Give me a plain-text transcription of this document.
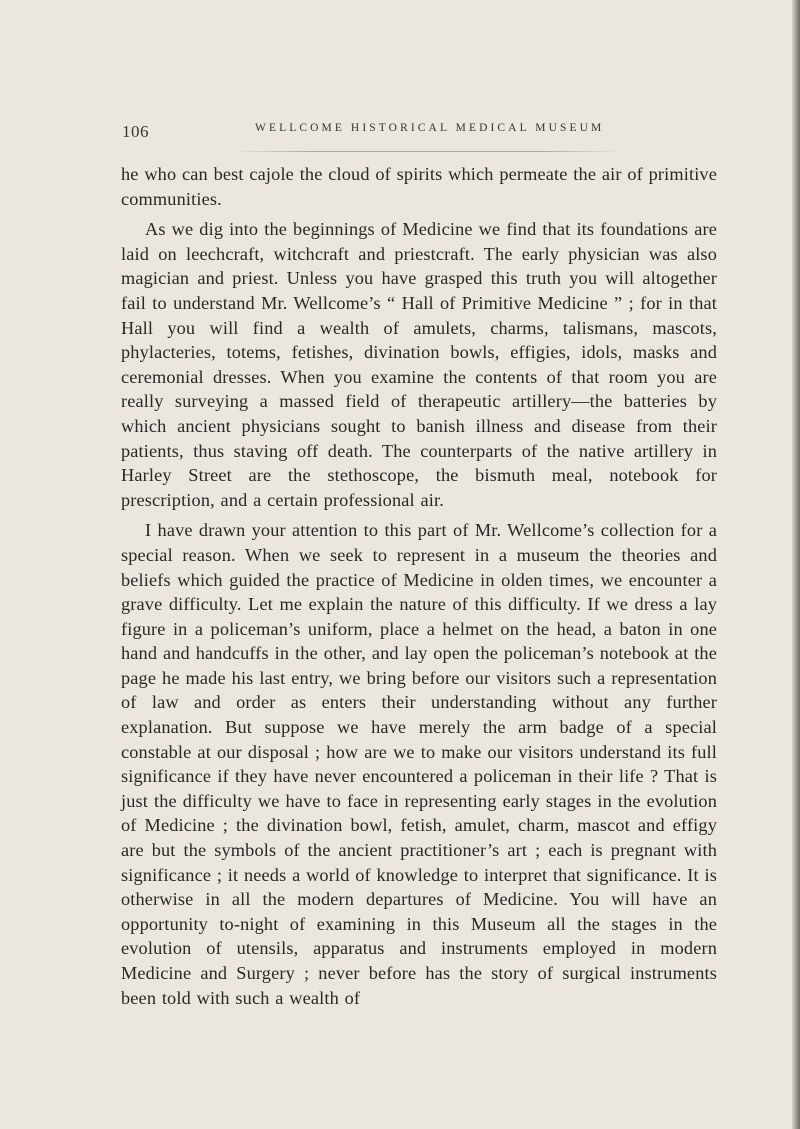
106	WELLCOME HISTORICAL MEDICAL MUSEUM

he who can best cajole the cloud of spirits which permeate the air of primitive communities.

As we dig into the beginnings of Medicine we find that its foundations are laid on leechcraft, witchcraft and priestcraft. The early physician was also magician and priest. Unless you have grasped this truth you will altogether fail to understand Mr. Wellcome’s “ Hall of Primitive Medicine ” ; for in that Hall you will find a wealth of amulets, charms, talismans, mascots, phylacteries, totems, fetishes, divination bowls, effigies, idols, masks and ceremonial dresses. When you examine the contents of that room you are really surveying a massed field of therapeutic artillery—the batteries by which ancient physicians sought to banish illness and disease from their patients, thus staving off death. The counterparts of the native artillery in Harley Street are the stethoscope, the bismuth meal, notebook for prescription, and a certain professional air.

I have drawn your attention to this part of Mr. Wellcome’s collection for a special reason. When we seek to represent in a museum the theories and beliefs which guided the practice of Medicine in olden times, we encounter a grave difficulty. Let me explain the nature of this difficulty. If we dress a lay figure in a policeman’s uniform, place a helmet on the head, a baton in one hand and handcuffs in the other, and lay open the policeman’s notebook at the page he made his last entry, we bring before our visitors such a representation of law and order as enters their understanding without any further explanation. But suppose we have merely the arm badge of a special constable at our disposal ; how are we to make our visitors understand its full significance if they have never encountered a policeman in their life ? That is just the difficulty we have to face in representing early stages in the evolution of Medicine ; the divination bowl, fetish, amulet, charm, mascot and effigy are but the symbols of the ancient practitioner’s art ; each is pregnant with significance ; it needs a world of knowledge to interpret that significance. It is otherwise in all the modern departures of Medicine. You will have an opportunity to-night of examining in this Museum all the stages in the evolution of utensils, apparatus and instruments employed in modern Medicine and Surgery ; never before has the story of surgical instruments been told with such a wealth of
